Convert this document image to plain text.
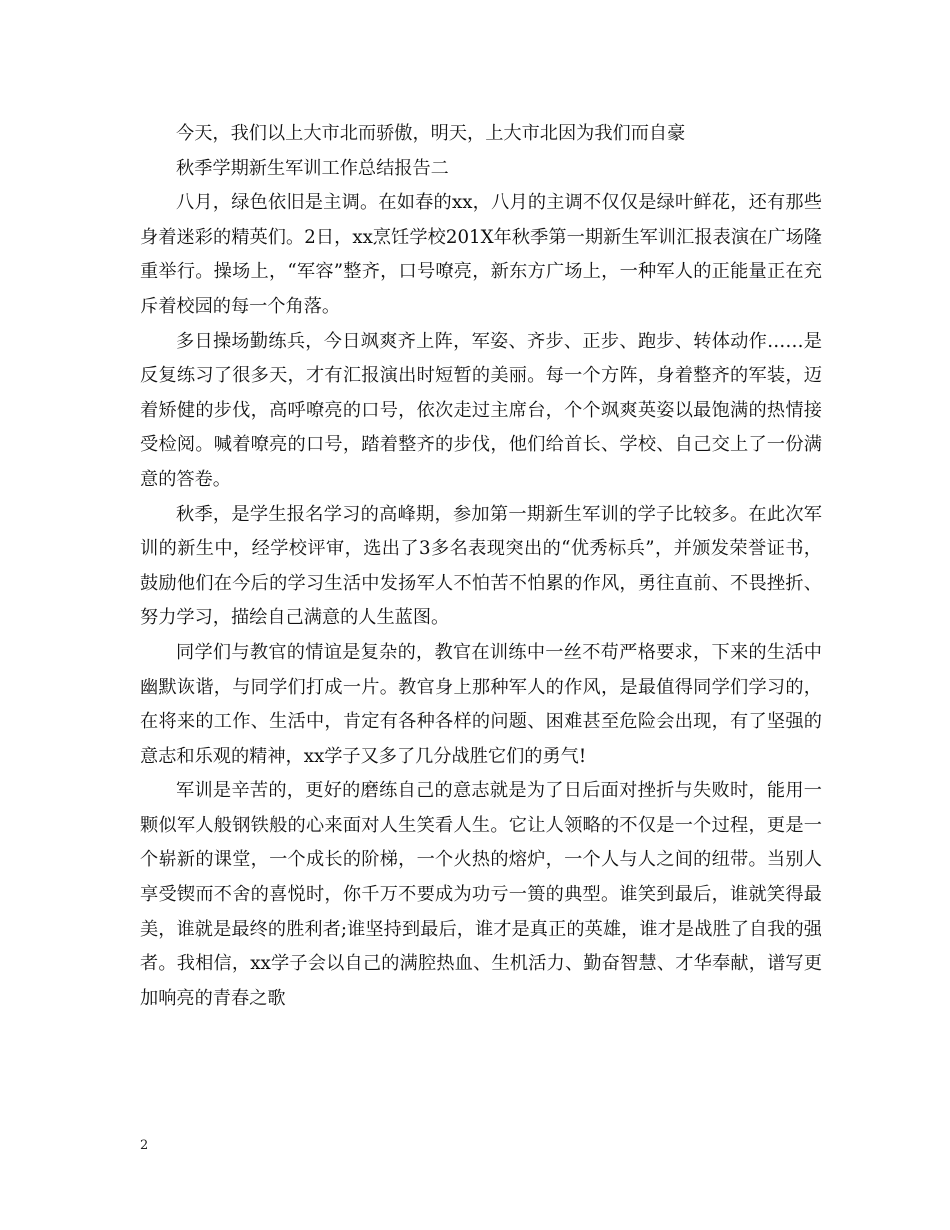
今天，我们以上大市北而骄傲，明天，上大市北因为我们而自豪

秋季学期新生军训工作总结报告二

八月，绿色依旧是主调。在如春的xx，八月的主调不仅仅是绿叶鲜花，还有那些身着迷彩的精英们。2日，xx烹饪学校201X年秋季第一期新生军训汇报表演在广场隆重举行。操场上，“军容”整齐，口号嘹亮，新东方广场上，一种军人的正能量正在充斥着校园的每一个角落。

多日操场勤练兵，今日飒爽齐上阵，军姿、齐步、正步、跑步、转体动作……是反复练习了很多天，才有汇报演出时短暂的美丽。每一个方阵，身着整齐的军装，迈着矫健的步伐，高呼嘹亮的口号，依次走过主席台，个个飒爽英姿以最饱满的热情接受检阅。喊着嘹亮的口号，踏着整齐的步伐，他们给首长、学校、自己交上了一份满意的答卷。

秋季，是学生报名学习的高峰期，参加第一期新生军训的学子比较多。在此次军训的新生中，经学校评审，选出了3多名表现突出的“优秀标兵”，并颁发荣誉证书，鼓励他们在今后的学习生活中发扬军人不怕苦不怕累的作风，勇往直前、不畏挫折、努力学习，描绘自己满意的人生蓝图。

同学们与教官的情谊是复杂的，教官在训练中一丝不苟严格要求，下来的生活中幽默诙谐，与同学们打成一片。教官身上那种军人的作风，是最值得同学们学习的，在将来的工作、生活中，肯定有各种各样的问题、困难甚至危险会出现，有了坚强的意志和乐观的精神，xx学子又多了几分战胜它们的勇气!

军训是辛苦的，更好的磨练自己的意志就是为了日后面对挫折与失败时，能用一颗似军人般钢铁般的心来面对人生笑看人生。它让人领略的不仅是一个过程，更是一个崭新的课堂，一个成长的阶梯，一个火热的熔炉，一个人与人之间的纽带。当别人享受锲而不舍的喜悦时，你千万不要成为功亏一篑的典型。谁笑到最后，谁就笑得最美，谁就是最终的胜利者;谁坚持到最后，谁才是真正的英雄，谁才是战胜了自我的强者。我相信，xx学子会以自己的满腔热血、生机活力、勤奋智慧、才华奉献，谱写更加响亮的青春之歌

2
